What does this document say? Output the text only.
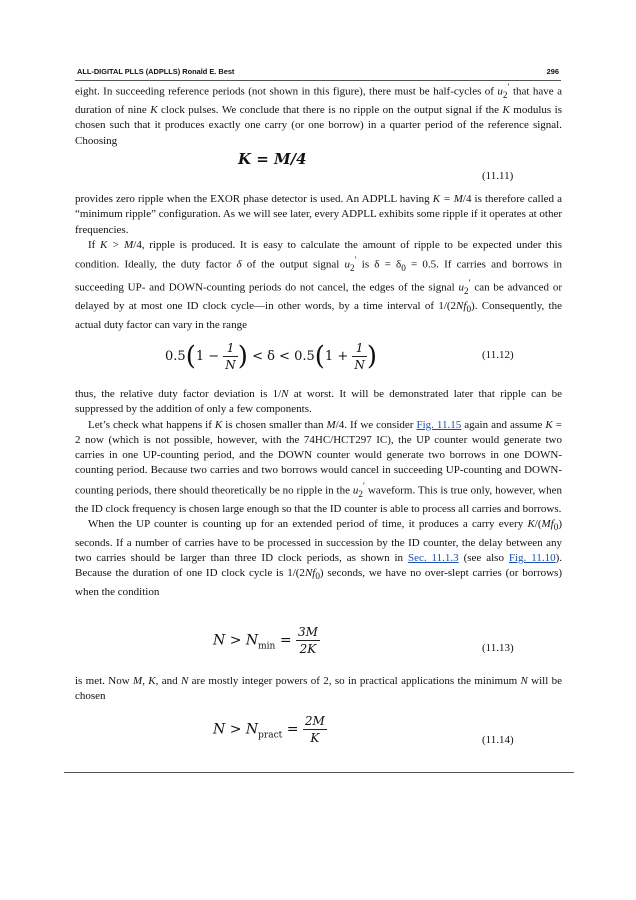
ALL-DIGITAL PLLS (ADPLLS) Ronald E. Best	296

eight. In succeeding reference periods (not shown in this figure), there must be half-cycles of $u_2'$ that have a duration of nine K clock pulses. We conclude that there is no ripple on the output signal if the K modulus is chosen such that it produces exactly one carry (or one borrow) in a quarter period of the reference signal. Choosing

K = M/4
(11.11)

provides zero ripple when the EXOR phase detector is used. An ADPLL having K = M/4 is therefore called a “minimum ripple” configuration. As we will see later, every ADPLL exhibits some ripple if it operates at other frequencies.

If K > M/4, ripple is produced. It is easy to calculate the amount of ripple to be expected under this condition. Ideally, the duty factor δ of the output signal $u_2'$ is $\delta = \delta_0 = 0.5$. If carries and borrows in succeeding UP- and DOWN-counting periods do not cancel, the edges of the signal $u_2'$ can be advanced or delayed by at most one ID clock cycle—in other words, by a time interval of $1/(2Nf_0)$. Consequently, the actual duty factor can vary in the range

$0.5(1 - \frac{1}{N}$ ) < $\delta < 0.5(1 + \frac{1}{N}$ )	(11.12)

thus, the relative duty factor deviation is 1/N at worst. It will be demonstrated later that ripple can be suppressed by the addition of only a few components.

Let’s check what happens if K is chosen smaller than M/4. If we consider Fig. 11.15 again and assume K = 2 now (which is not possible, however, with the 74HC/HCT297 IC), the UP counter would generate two carries in one UP-counting period, and the DOWN counter would generate two borrows in one DOWN-counting period. Because two carries and two borrows would cancel in succeeding UP-counting and DOWN-counting periods, there should theoretically be no ripple in the $u_2'$ waveform. This is true only, however, when the ID clock frequency is chosen large enough so that the ID counter is able to process all carries and borrows.

When the UP counter is counting up for an extended period of time, it produces a carry every $K/(Mf_0)$ seconds. If a number of carries have to be processed in succession by the ID counter, the delay between any two carries should be larger than three ID clock periods, as shown in Sec. 11.1.3 (see also Fig. 11.10). Because the duration of one ID clock cycle is $1/(2Nf_0)$ seconds, we have no over-slept carries (or borrows) when the condition

$N > N_{min} = \frac{3M}{2K}$	(11.13)

is met. Now M, K, and N are mostly integer powers of 2, so in practical applications the minimum N will be chosen

$N > N_{pract} = \frac{2M}{K}$	(11.14)
